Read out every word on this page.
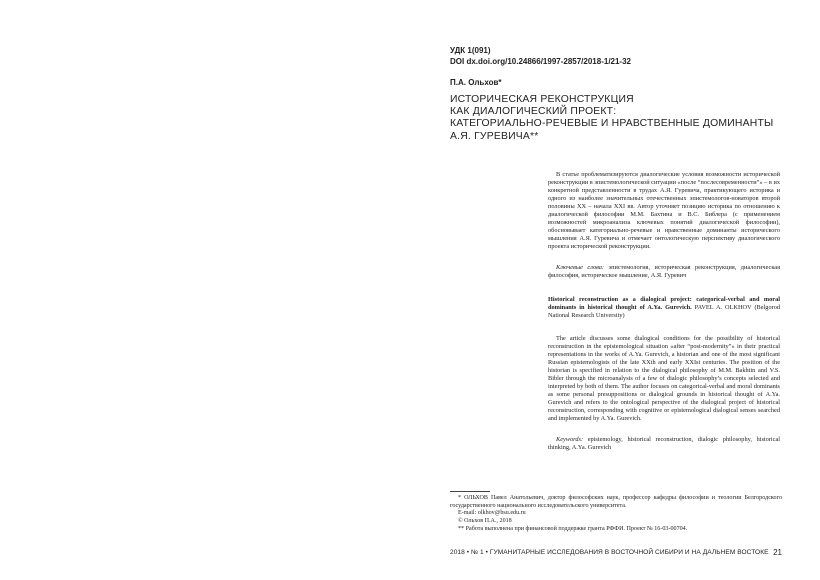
УДК 1(091)
DOI dx.doi.org/10.24866/1997-2857/2018-1/21-32
П.А. Ольхов*
ИСТОРИЧЕСКАЯ РЕКОНСТРУКЦИЯ
КАК ДИАЛОГИЧЕСКИЙ ПРОЕКТ:
КАТЕГОРИАЛЬНО-РЕЧЕВЫЕ И НРАВСТВЕННЫЕ ДОМИНАНТЫ
А.Я. ГУРЕВИЧА**

В статье проблематизируются диалогические условия возможности исторической реконструкции в эпистемологической ситуации «после “послесовременности”» – в их конкретной представленности в трудах А.Я. Гуревича, практикующего историка и одного из наиболее значительных отечественных эпистемологов-новаторов второй половины XX – начала XXI вв. Автор уточняет позицию историка по отношению к диалогической философии М.М. Бахтина и В.С. Библера (с применением возможностей микроанализа ключевых понятий диалогической философии), обосновывает категориально-речевые и нравственные доминанты исторического мышления А.Я. Гуревича и отмечает онтологическую перспективу диалогического проекта исторической реконструкции.

Ключевые слова: эпистемология, историческая реконструкция, диалогическая философия, историческое мышление, А.Я. Гуревич

Historical reconstruction as a dialogical project: categorical-verbal and moral dominants in historical thought of A.Ya. Gurevich. PAVEL A. OLKHOV (Belgorod National Research University)

The article discusses some dialogical conditions for the possibility of historical reconstruction in the epistemological situation «after “post-modernity”» in their practical representations in the works of A.Ya. Gurevich, a historian and one of the most significant Russian epistemologists of the late XXth and early XXIst centuries. The position of the historian is specified in relation to the dialogical philosophy of M.M. Bakhtin and V.S. Bibler through the microanalysis of a few of dialogic philosophy’s concepts selected and interpreted by both of them. The author focuses on categorical-verbal and moral dominants as some personal presuppositions or dialogical grounds in historical thought of A.Ya. Gurevich and refers to the ontological perspective of the dialogical project of historical reconstruction, corresponding with cognitive or epistemological dialogical senses searched and implemented by A.Ya. Gurevich.

Keywords: epistemology, historical reconstruction, dialogic philosophy, historical thinking, A.Ya. Gurevich

* ОЛЬХОВ Павел Анатольевич, доктор философских наук, профессор кафедры философии и теологии Белгородского государственного национального исследовательского университета.
E-mail: olkhov@bsu.edu.ru
© Ольхов П.А., 2018
** Работа выполнена при финансовой поддержке гранта РФФИ. Проект № 16-03-00704.
2018 • № 1 • ГУМАНИТАРНЫЕ ИССЛЕДОВАНИЯ В ВОСТОЧНОЙ СИБИРИ И НА ДАЛЬНЕМ ВОСТОКЕ 21
